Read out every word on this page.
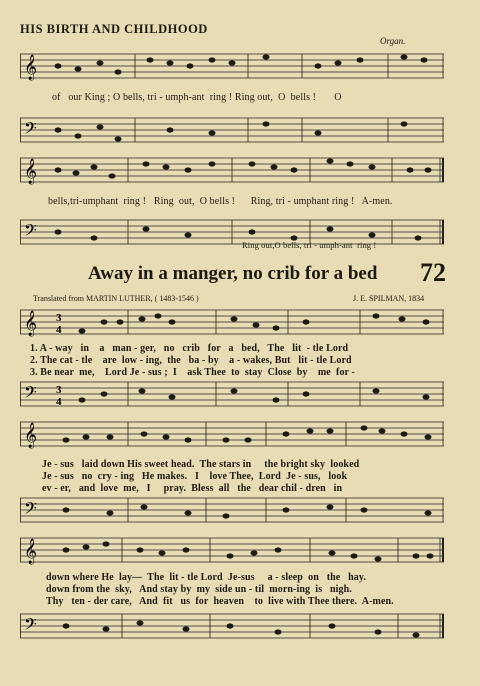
HIS BIRTH AND CHILDHOOD
Organ.
𝄞
of   our King ; O bells, tri - umph-ant  ring ! Ring out,  O  bells !       O
𝄢
𝄞
bells,tri-umphant  ring !   Ring  out,  O bells !      Ring, tri - umphant ring !   A-men.
𝄢
Ring out,O bells, tri - umph-ant  ring !
Away in a manger, no crib for a bed 72
Translated from MARTIN LUTHER, ( 1483-1546 )	J. E. SPILMAN, 1834
𝄞 3
4
1. A - way   in    a   man - ger,   no   crib   for   a   bed,   The   lit  - tle Lord
2. The cat - tle    are  low - ing,  the   ba - by    a - wakes, But   lit - tle Lord
3. Be near  me,    Lord Je - sus ;  I    ask Thee  to  stay  Close  by    me  for -
𝄢 3
4
𝄞
Je - sus   laid down His sweet head.  The stars in     the bright sky  looked
Je - sus   no  cry - ing   He makes.   I    love Thee,  Lord  Je - sus,   look
ev - er,   and  love  me,   I     pray.  Bless  all   the   dear chil - dren   in
𝄢
𝄞
down where He  lay—  The  lit - tle Lord  Je-sus     a - sleep  on   the   hay.
down from the  sky,   And stay by  my  side un - til  morn-ing  is   nigh.
Thy   ten - der care,   And  fit   us  for  heaven    to  live with Thee there.  A-men.
𝄢
